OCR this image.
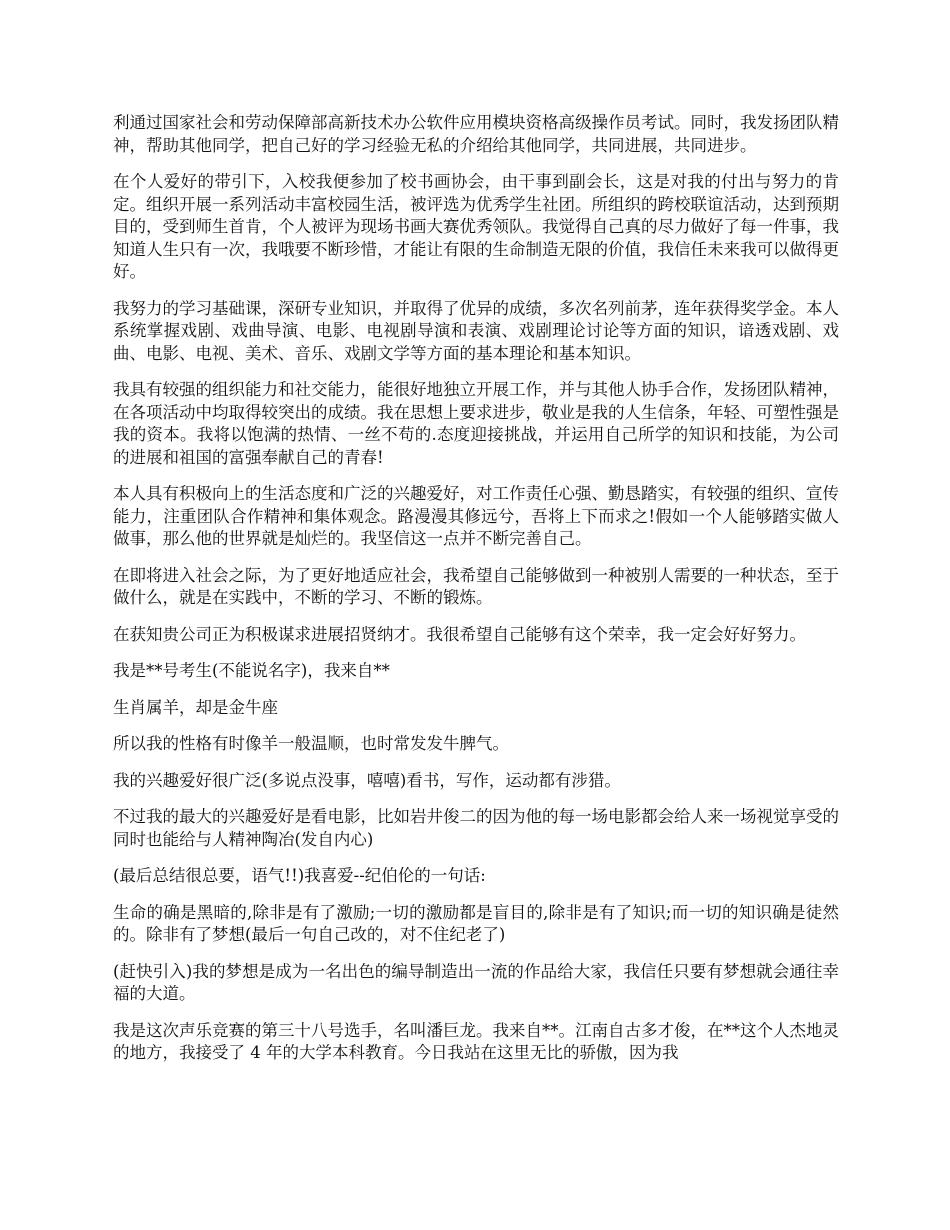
利通过国家社会和劳动保障部高新技术办公软件应用模块资格高级操作员考试。同时，我发扬团队精神，帮助其他同学，把自己好的学习经验无私的介绍给其他同学，共同进展，共同进步。

在个人爱好的带引下，入校我便参加了校书画协会，由干事到副会长，这是对我的付出与努力的肯定。组织开展一系列活动丰富校园生活，被评选为优秀学生社团。所组织的跨校联谊活动，达到预期目的，受到师生首肯，个人被评为现场书画大赛优秀领队。我觉得自己真的尽力做好了每一件事，我知道人生只有一次，我哦要不断珍惜，才能让有限的生命制造无限的价值，我信任未来我可以做得更好。

我努力的学习基础课，深研专业知识，并取得了优异的成绩，多次名列前茅，连年获得奖学金。本人系统掌握戏剧、戏曲导演、电影、电视剧导演和表演、戏剧理论讨论等方面的知识，谙透戏剧、戏曲、电影、电视、美术、音乐、戏剧文学等方面的基本理论和基本知识。

我具有较强的组织能力和社交能力，能很好地独立开展工作，并与其他人协手合作，发扬团队精神，在各项活动中均取得较突出的成绩。我在思想上要求进步，敬业是我的人生信条，年轻、可塑性强是我的资本。我将以饱满的热情、一丝不苟的.态度迎接挑战，并运用自己所学的知识和技能，为公司的进展和祖国的富强奉献自己的青春!

本人具有积极向上的生活态度和广泛的兴趣爱好，对工作责任心强、勤恳踏实，有较强的组织、宣传能力，注重团队合作精神和集体观念。路漫漫其修远兮，吾将上下而求之!假如一个人能够踏实做人做事，那么他的世界就是灿烂的。我坚信这一点并不断完善自己。

在即将进入社会之际，为了更好地适应社会，我希望自己能够做到一种被别人需要的一种状态，至于做什么，就是在实践中，不断的学习、不断的锻炼。

在获知贵公司正为积极谋求进展招贤纳才。我很希望自己能够有这个荣幸，我一定会好好努力。

我是**号考生(不能说名字)，我来自**

生肖属羊，却是金牛座

所以我的性格有时像羊一般温顺，也时常发发牛脾气。

我的兴趣爱好很广泛(多说点没事，嘻嘻)看书，写作，运动都有涉猎。

不过我的最大的兴趣爱好是看电影，比如岩井俊二的因为他的每一场电影都会给人来一场视觉享受的同时也能给与人精神陶冶(发自内心)

(最后总结很总要，语气!!)我喜爱--纪伯伦的一句话:

生命的确是黑暗的,除非是有了激励;一切的激励都是盲目的,除非是有了知识;而一切的知识确是徒然的。除非有了梦想(最后一句自己改的，对不住纪老了)

(赶快引入)我的梦想是成为一名出色的编导制造出一流的作品给大家，我信任只要有梦想就会通往幸福的大道。

我是这次声乐竞赛的第三十八号选手，名叫潘巨龙。我来自**。江南自古多才俊，在**这个人杰地灵的地方，我接受了 4 年的大学本科教育。今日我站在这里无比的骄傲，因为我
